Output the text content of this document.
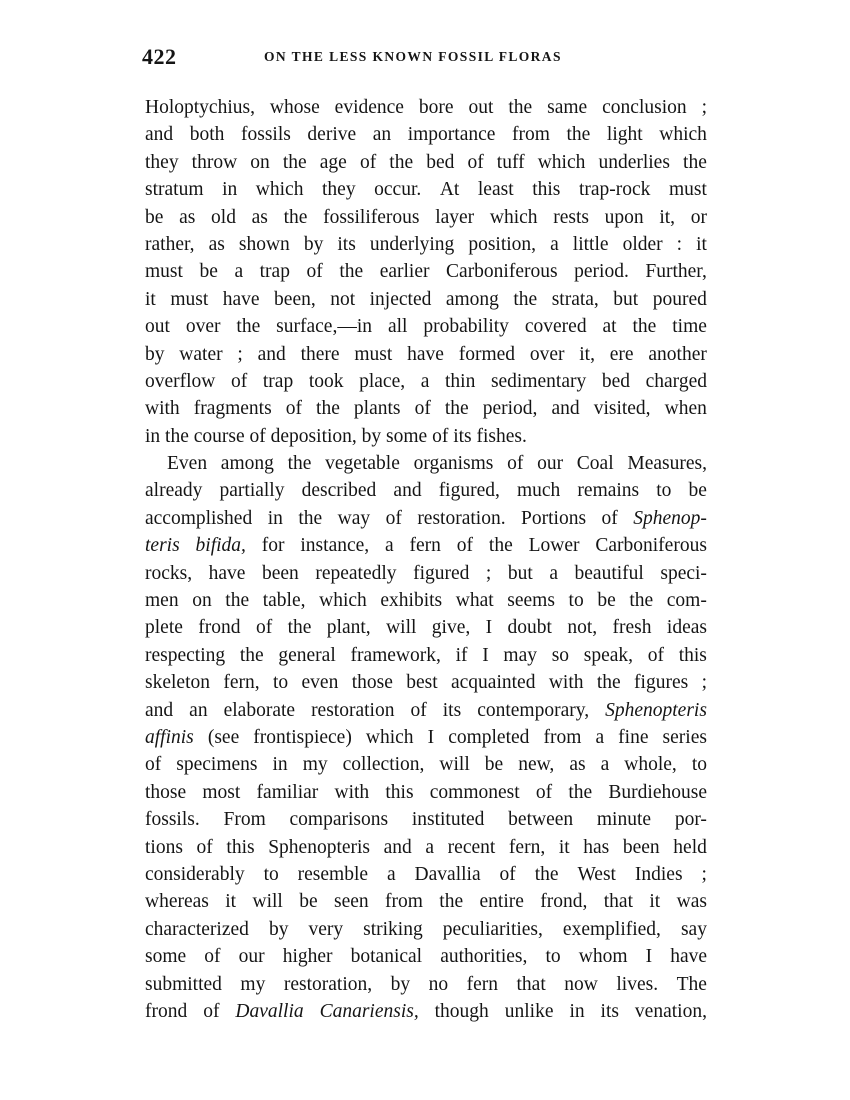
422	ON THE LESS KNOWN FOSSIL FLORAS
Holoptychius, whose evidence bore out the same conclusion ;
and both fossils derive an importance from the light which
they throw on the age of the bed of tuff which underlies the
stratum in which they occur. At least this trap-rock must
be as old as the fossiliferous layer which rests upon it, or
rather, as shown by its underlying position, a little older : it
must be a trap of the earlier Carboniferous period. Further,
it must have been, not injected among the strata, but poured
out over the surface,—in all probability covered at the time
by water ; and there must have formed over it, ere another
overflow of trap took place, a thin sedimentary bed charged
with fragments of the plants of the period, and visited, when
in
the
course
of
deposition,
by
some
of
its
fishes.
Even among the vegetable organisms of our Coal Measures,
already partially described and figured, much remains to be
accomplished in the way of restoration. Portions of Sphenop-
teris bifida, for instance, a fern of the Lower Carboniferous
rocks, have been repeatedly figured ; but a beautiful speci-
men on the table, which exhibits what seems to be the com-
plete frond of the plant, will give, I doubt not, fresh ideas
respecting the general framework, if I may so speak, of this
skeleton fern, to even those best acquainted with the figures ;
and an elaborate restoration of its contemporary, Sphenopteris
affinis (see frontispiece) which I completed from a fine series
of specimens in my collection, will be new, as a whole, to
those most familiar with this commonest of the Burdiehouse
fossils. From comparisons instituted between minute por-
tions of this Sphenopteris and a recent fern, it has been held
considerably to resemble a Davallia of the West Indies ;
whereas it will be seen from the entire frond, that it was
characterized by very striking peculiarities, exemplified, say
some of our higher botanical authorities, to whom I have
submitted my restoration, by no fern that now lives. The
frond of Davallia Canariensis, though unlike in its venation,
